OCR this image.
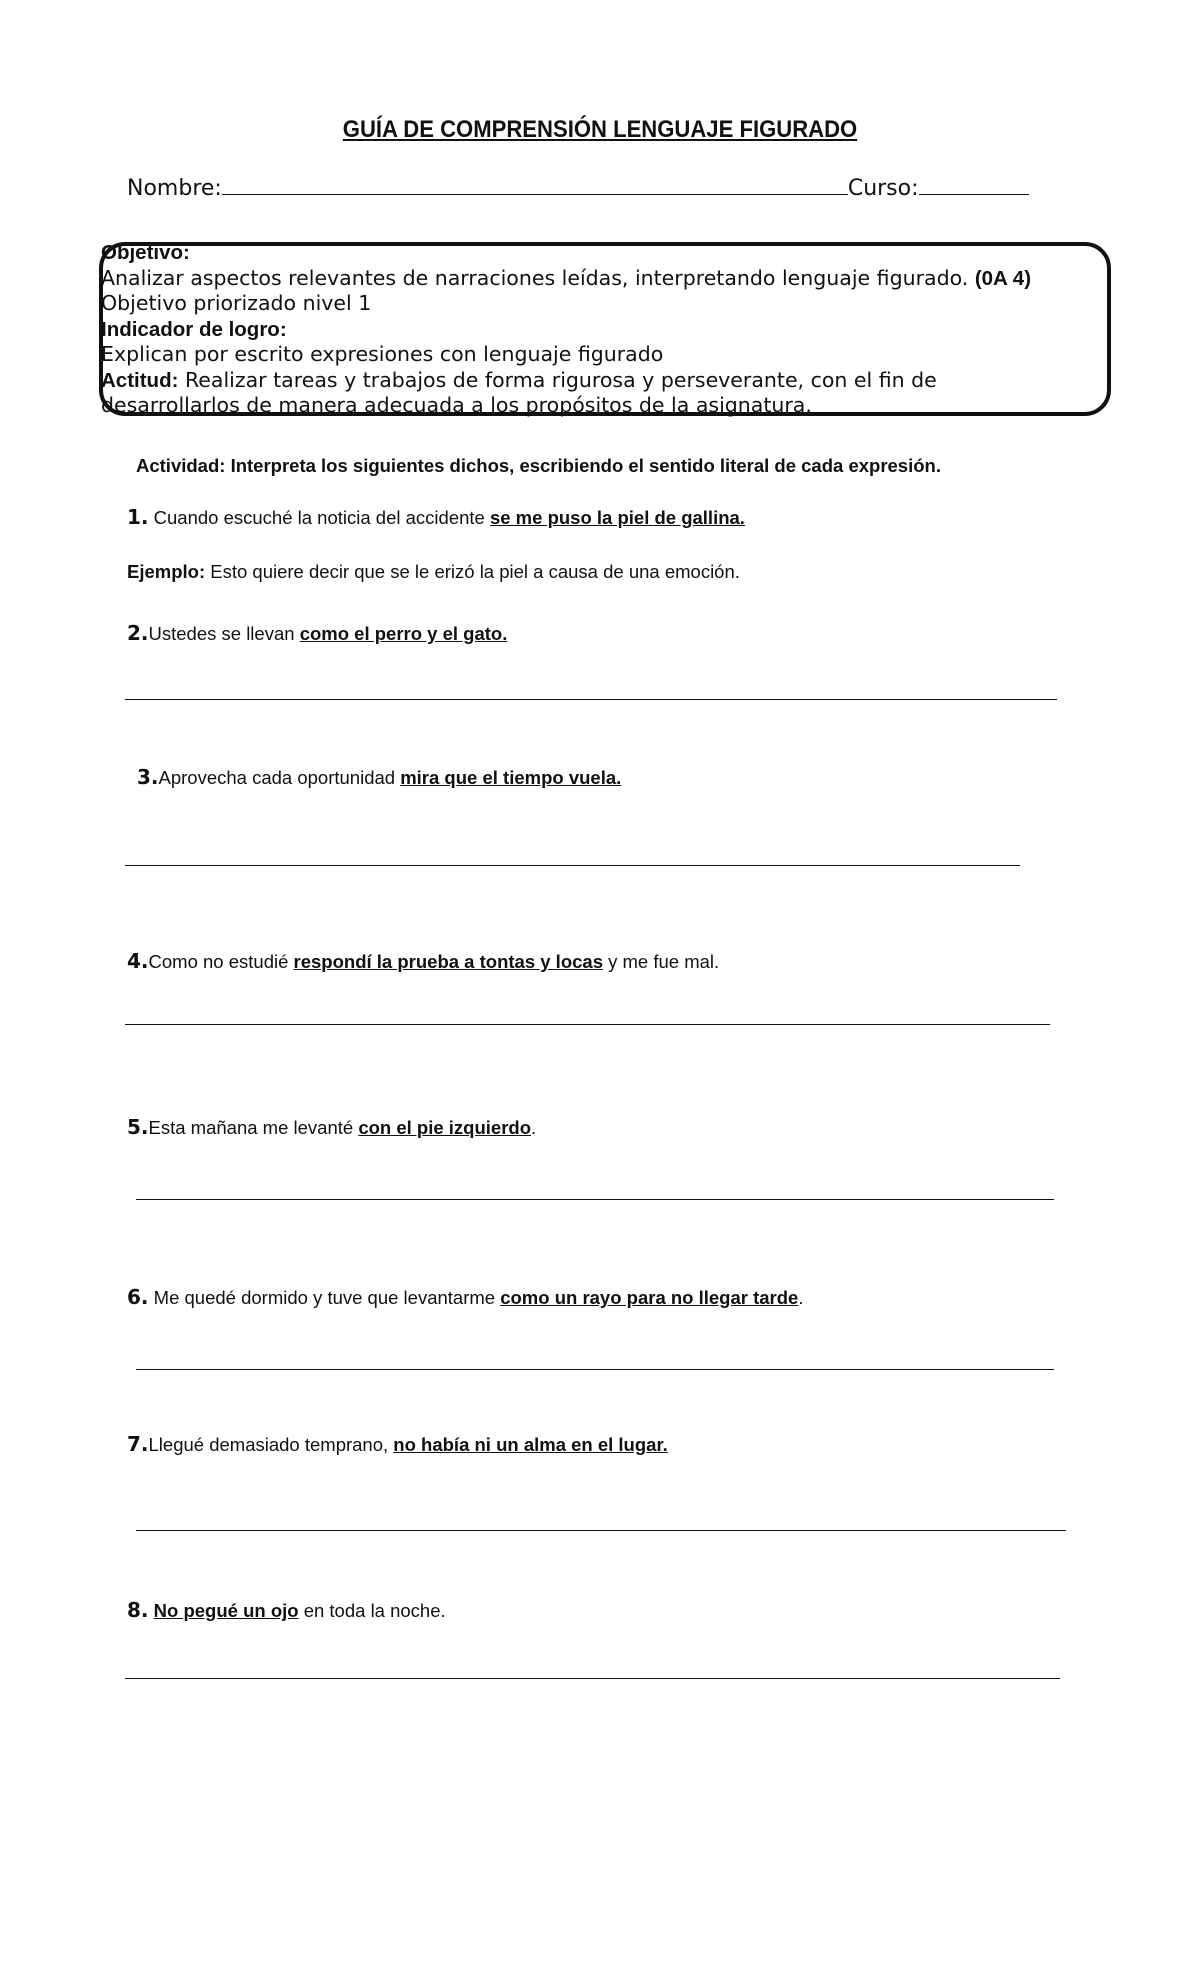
GUÍA DE COMPRENSIÓN LENGUAJE FIGURADO
Nombre:	Curso:
Objetivo:
Analizar aspectos relevantes de narraciones leídas, interpretando lenguaje figurado. (0A 4)
Objetivo priorizado nivel 1
Indicador de logro:
Explican por escrito expresiones con lenguaje figurado
Actitud: Realizar tareas y trabajos de forma rigurosa y perseverante, con el fin de
desarrollarlos de manera adecuada a los propósitos de la asignatura.
Actividad: Interpreta los siguientes dichos, escribiendo el sentido literal de cada expresión.
1. Cuando escuché la noticia del accidente se me puso la piel de gallina.
Ejemplo: Esto quiere decir que se le erizó la piel a causa de una emoción.
2.Ustedes se llevan como el perro y el gato.
3.Aprovecha cada oportunidad mira que el tiempo vuela.
4.Como no estudié respondí la prueba a tontas y locas y me fue mal.
5.Esta mañana me levanté con el pie izquierdo.
6. Me quedé dormido y tuve que levantarme como un rayo para no llegar tarde.
7.Llegué demasiado temprano, no había ni un alma en el lugar.
8. No pegué un ojo en toda la noche.
